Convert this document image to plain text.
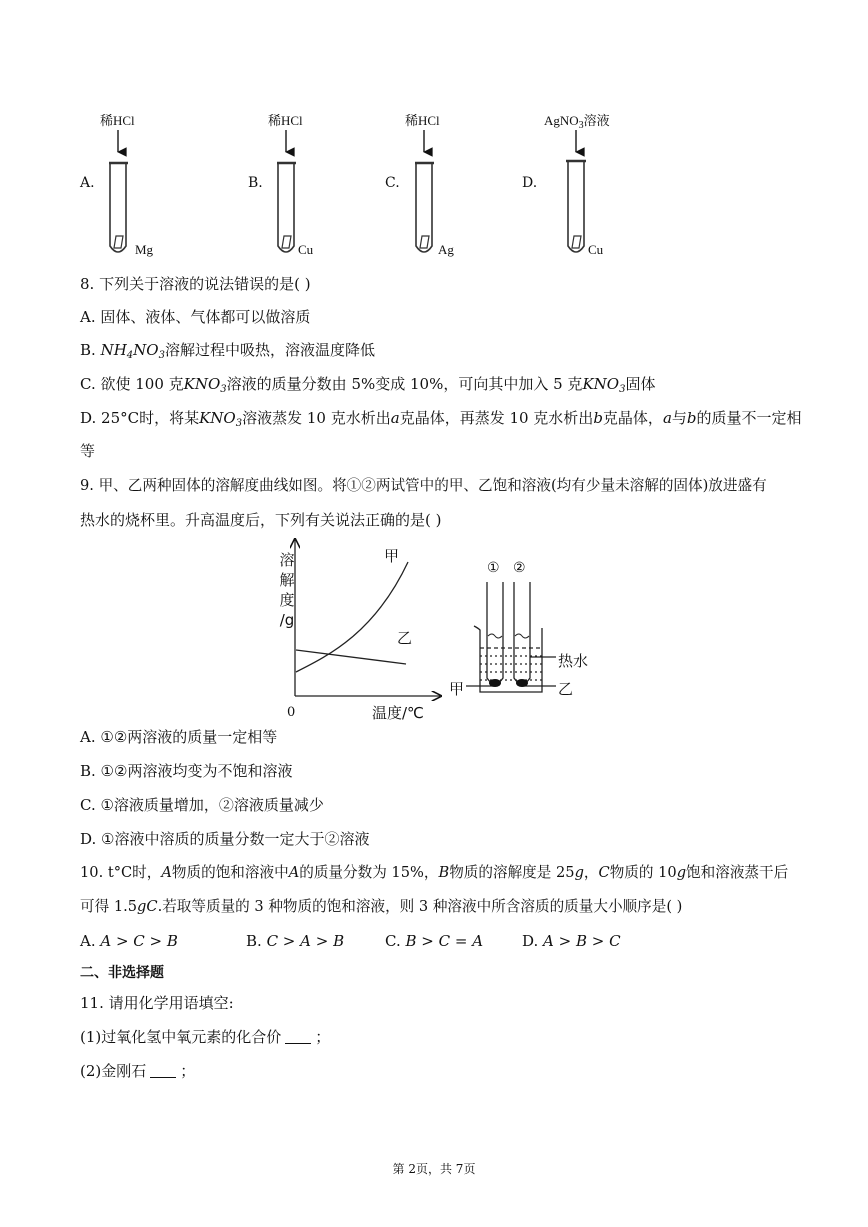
A.
稀HCl
Mg
B.
稀HCl
Cu
C.
稀HCl
Ag
D.
AgNO$_3$溶液
Cu
8. 下列关于溶液的说法错误的是( )
A. 固体、液体、气体都可以做溶质
B. $NH_4NO_3$溶解过程中吸热，溶液温度降低
C. 欲使 100 克$KNO_3$溶液的质量分数由 5%变成 10%，可向其中加入 5 克$KNO_3$固体
D. 25°C时，将某$KNO_3$溶液蒸发 10 克水析出a克晶体，再蒸发 10 克水析出b克晶体，a与b的质量不一定相
等
9. 甲、乙两种固体的溶解度曲线如图。将①②两试管中的甲、乙饱和溶液(均有少量未溶解的固体)放进盛有
热水的烧杯里。升高温度后，下列有关说法正确的是( )
溶
解
度
/g
0	温度/℃
甲
乙
① ②
热水
甲	乙
A. ①②两溶液的质量一定相等
B. ①②两溶液均变为不饱和溶液
C. ①溶液质量增加，②溶液质量减少
D. ①溶液中溶质的质量分数一定大于②溶液
10. t°C时，A物质的饱和溶液中A的质量分数为 15%，B物质的溶解度是 25g，C物质的 10g饱和溶液蒸干后
可得 1.5gC.若取等质量的 3 种物质的饱和溶液，则 3 种溶液中所含溶质的质量大小顺序是( )
A. A > C > B	B. C > A > B	C. B > C = A	D. A > B > C
二、非选择题
11. 请用化学用语填空:
(1)过氧化氢中氧元素的化合价 ；
(2)金刚石 ；
第 2页，共 7页
